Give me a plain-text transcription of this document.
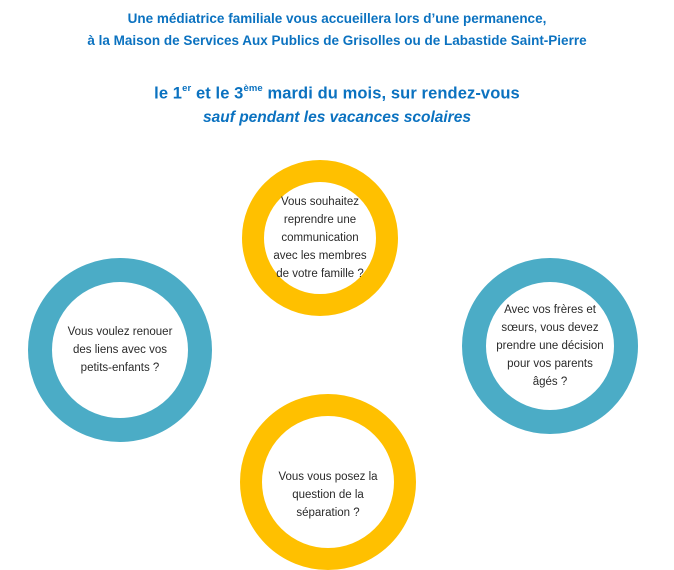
Une médiatrice familiale vous accueillera lors d’une permanence,
à la Maison de Services Aux Publics de Grisolles ou de Labastide Saint-Pierre
le 1er et le 3ème mardi du mois, sur rendez-vous
sauf pendant les vacances scolaires
Vous souhaitez reprendre une communication avec les membres de votre famille ?
Vous voulez renouer des liens avec vos petits-enfants ?
Avec vos frères et sœurs, vous devez prendre une décision pour vos parents âgés ?
Vous vous posez la question de la séparation ?
